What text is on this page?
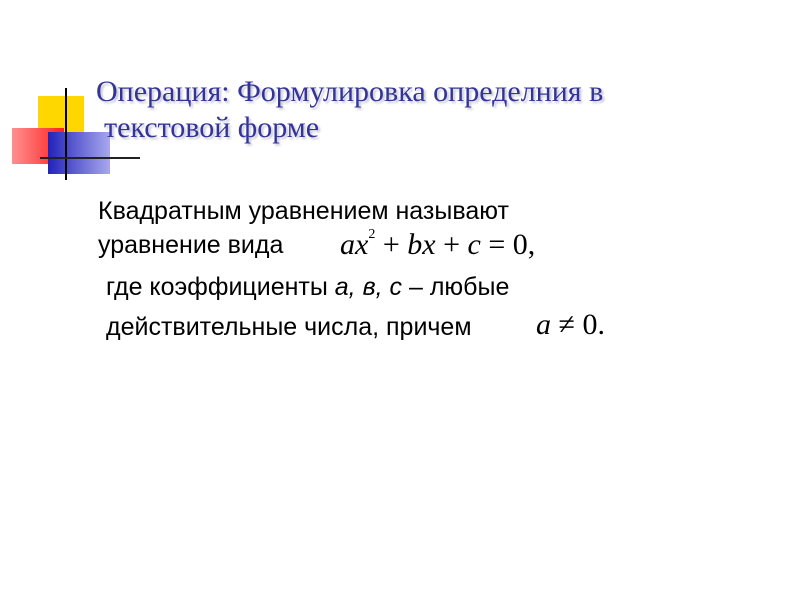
Операция: Формулировка определния в
текстовой форме
Квадратным уравнением называют
уравнение вида $ax^2$ + bx + c = 0,
где коэффициенты а, в, с – любые
действительные числа, причем a ≠ 0.
